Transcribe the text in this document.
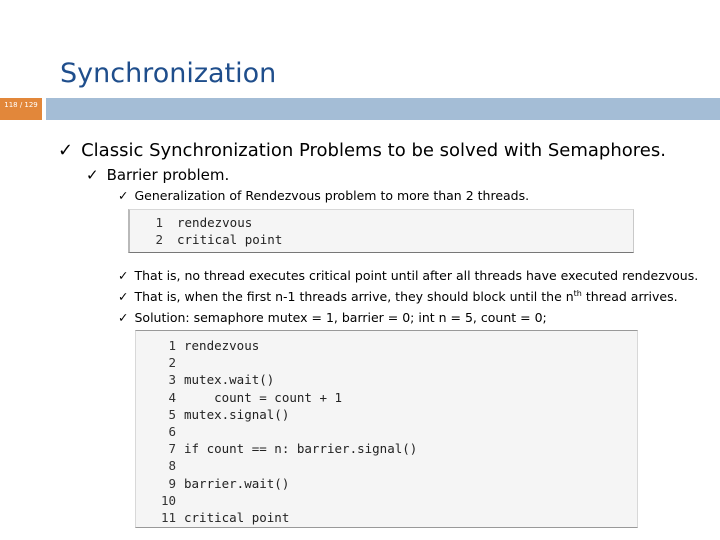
Synchronization
118 / 129
✓ Classic Synchronization Problems to be solved with Semaphores.
✓ Barrier problem.
✓ Generalization of Rendezvous problem to more than 2 threads.
1	rendezvous
2	critical point
✓ That is, no thread executes critical point until after all threads have executed rendezvous.
✓ That is, when the first n-1 threads arrive, they should block until the $n^{th}$ thread arrives.
✓ Solution: semaphore mutex = 1, barrier = 0; int n = 5, count = 0;
1 rendezvous
2
3 mutex.wait()
4 count = count + 1
5 mutex.signal()
6
7 if count == n: barrier.signal()
8
9 barrier.wait()
10
11 critical point
